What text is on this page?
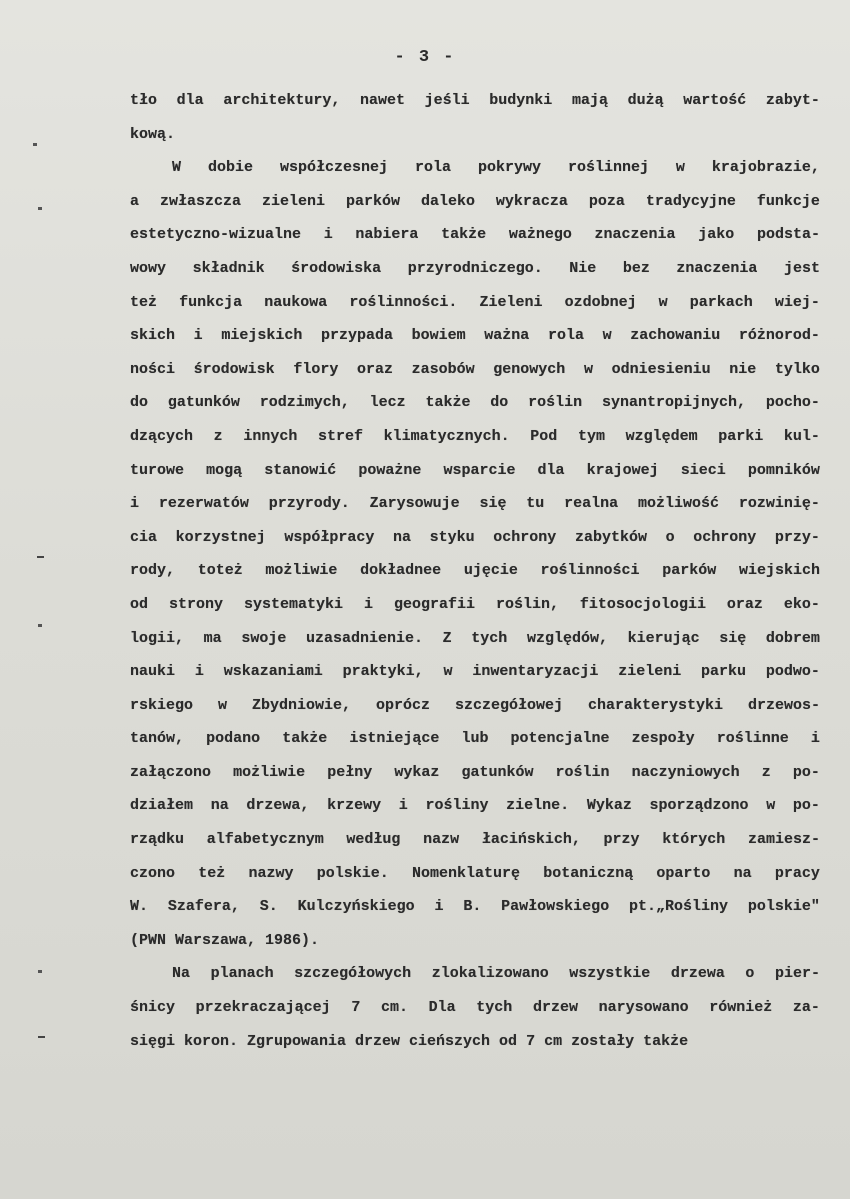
- 3 -
tło dla architektury, nawet jeśli budynki mają dużą wartość zabyt-
kową.
W dobie współczesnej rola pokrywy roślinnej w krajobrazie,
a zwłaszcza zieleni parków daleko wykracza poza tradycyjne funkcje
estetyczno-wizualne i nabiera także ważnego znaczenia jako podsta-
wowy składnik środowiska przyrodniczego. Nie bez znaczenia jest
też funkcja naukowa roślinności. Zieleni ozdobnej w parkach wiej-
skich i miejskich przypada bowiem ważna rola w zachowaniu różnorod-
ności środowisk flory oraz zasobów genowych w odniesieniu nie tylko
do gatunków rodzimych, lecz także do roślin synantropijnych, pocho-
dzących z innych stref klimatycznych. Pod tym względem parki kul-
turowe mogą stanowić poważne wsparcie dla krajowej sieci pomników
i rezerwatów przyrody. Zarysowuje się tu realna możliwość rozwinię-
cia korzystnej współpracy na styku ochrony zabytków o ochrony przy-
rody, toteż możliwie dokładnee ujęcie roślinności parków wiejskich
od strony systematyki i geografii roślin, fitosocjologii oraz eko-
logii, ma swoje uzasadnienie. Z tych względów, kierując się dobrem
nauki i wskazaniami praktyki, w inwentaryzacji zieleni parku podwo-
rskiego w Zbydniowie, oprócz szczegółowej charakterystyki drzewos-
tanów, podano także istniejące lub potencjalne zespoły roślinne i
załączono możliwie pełny wykaz gatunków roślin naczyniowych z po-
działem na drzewa, krzewy i rośliny zielne. Wykaz sporządzono w po-
rządku alfabetycznym według nazw łacińskich, przy których zamiesz-
czono też nazwy polskie. Nomenklaturę botaniczną oparto na pracy
W. Szafera, S. Kulczyńskiego i B. Pawłowskiego pt.„Rośliny polskie"
(PWN Warszawa, 1986).
Na planach szczegółowych zlokalizowano wszystkie drzewa o pier-
śnicy przekraczającej 7 cm. Dla tych drzew narysowano również za-
sięgi koron. Zgrupowania drzew cieńszych od 7 cm zostały także
